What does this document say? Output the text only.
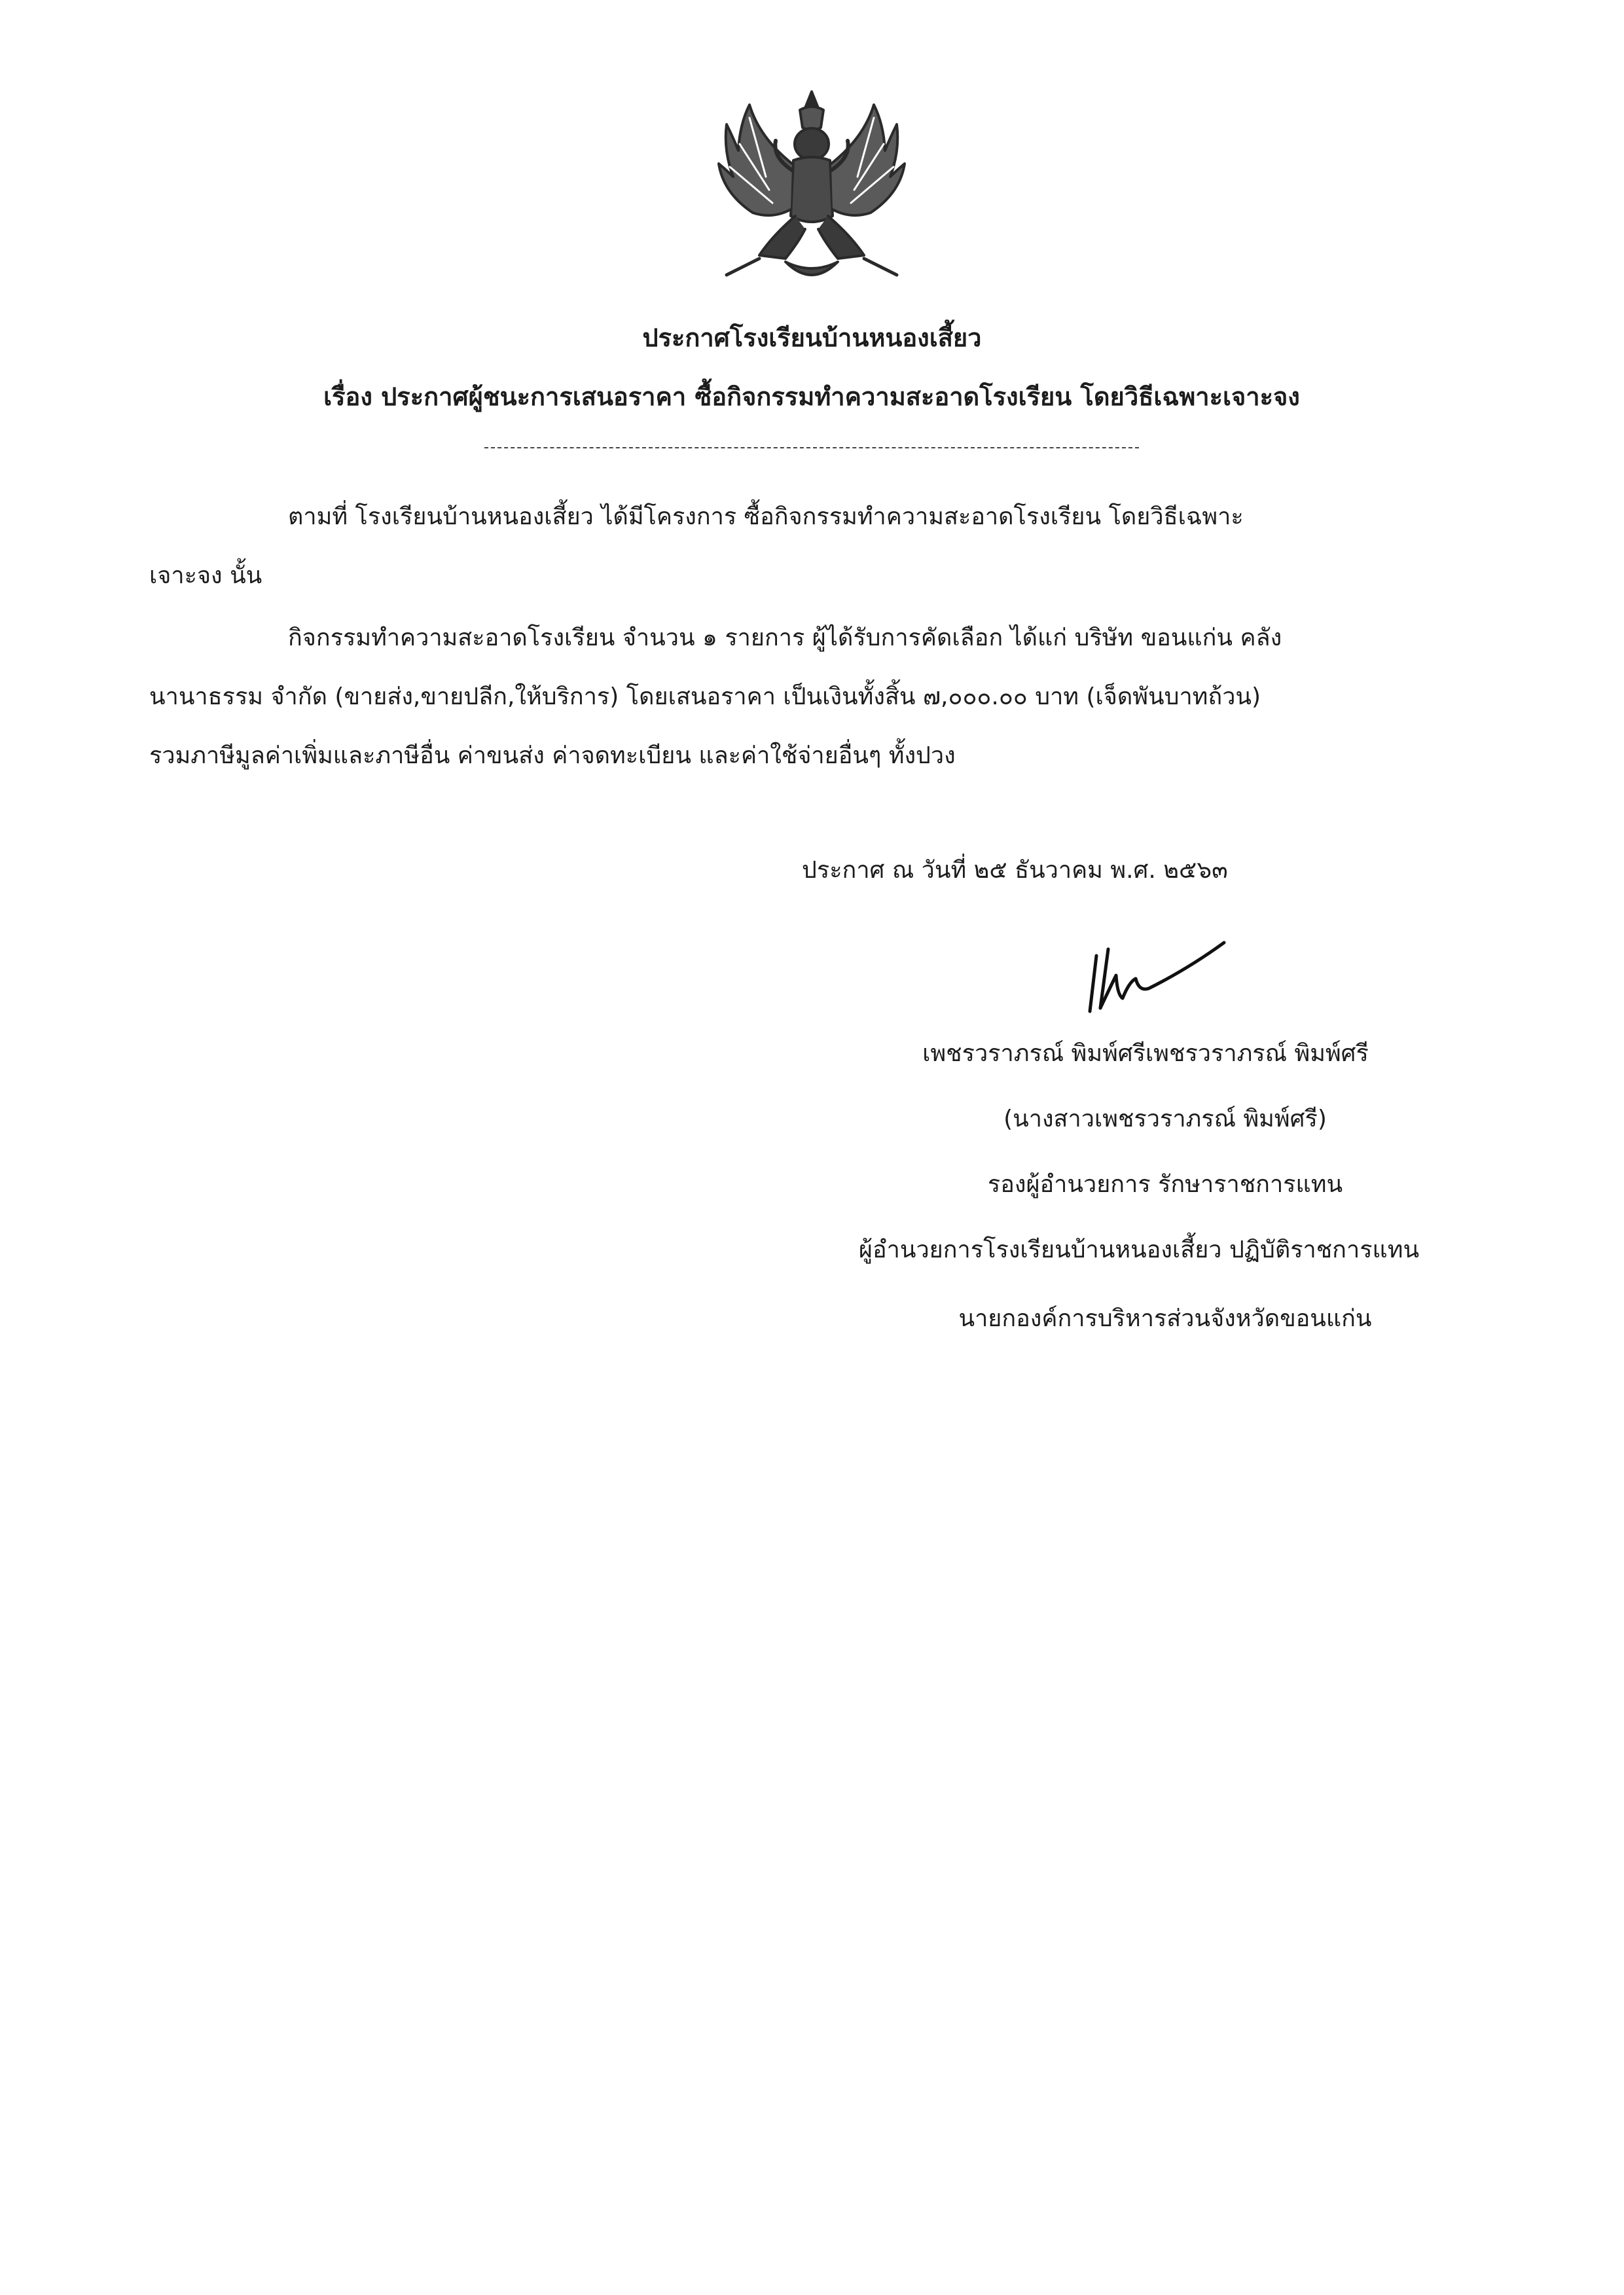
ประกาศโรงเรียนบ้านหนองเสี้ยว
เรื่อง ประกาศผู้ชนะการเสนอราคา ซื้อกิจกรรมทำความสะอาดโรงเรียน โดยวิธีเฉพาะเจาะจง
ตามที่ โรงเรียนบ้านหนองเสี้ยว ได้มีโครงการ ซื้อกิจกรรมทำความสะอาดโรงเรียน โดยวิธีเฉพาะ
เจาะจง นั้น
กิจกรรมทำความสะอาดโรงเรียน จำนวน ๑ รายการ ผู้ได้รับการคัดเลือก ได้แก่ บริษัท ขอนแก่น คลัง
นานาธรรม จำกัด (ขายส่ง,ขายปลีก,ให้บริการ) โดยเสนอราคา เป็นเงินทั้งสิ้น ๗,๐๐๐.๐๐ บาท (เจ็ดพันบาทถ้วน)
รวมภาษีมูลค่าเพิ่มและภาษีอื่น ค่าขนส่ง ค่าจดทะเบียน และค่าใช้จ่ายอื่นๆ ทั้งปวง
ประกาศ ณ วันที่ ๒๕ ธันวาคม พ.ศ. ๒๕๖๓
เพชรวราภรณ์ พิมพ์ศรีเพชรวราภรณ์ พิมพ์ศรี
(นางสาวเพชรวราภรณ์ พิมพ์ศรี)
รองผู้อำนวยการ รักษาราชการแทน
ผู้อำนวยการโรงเรียนบ้านหนองเสี้ยว ปฏิบัติราชการแทน
นายกองค์การบริหารส่วนจังหวัดขอนแก่น
